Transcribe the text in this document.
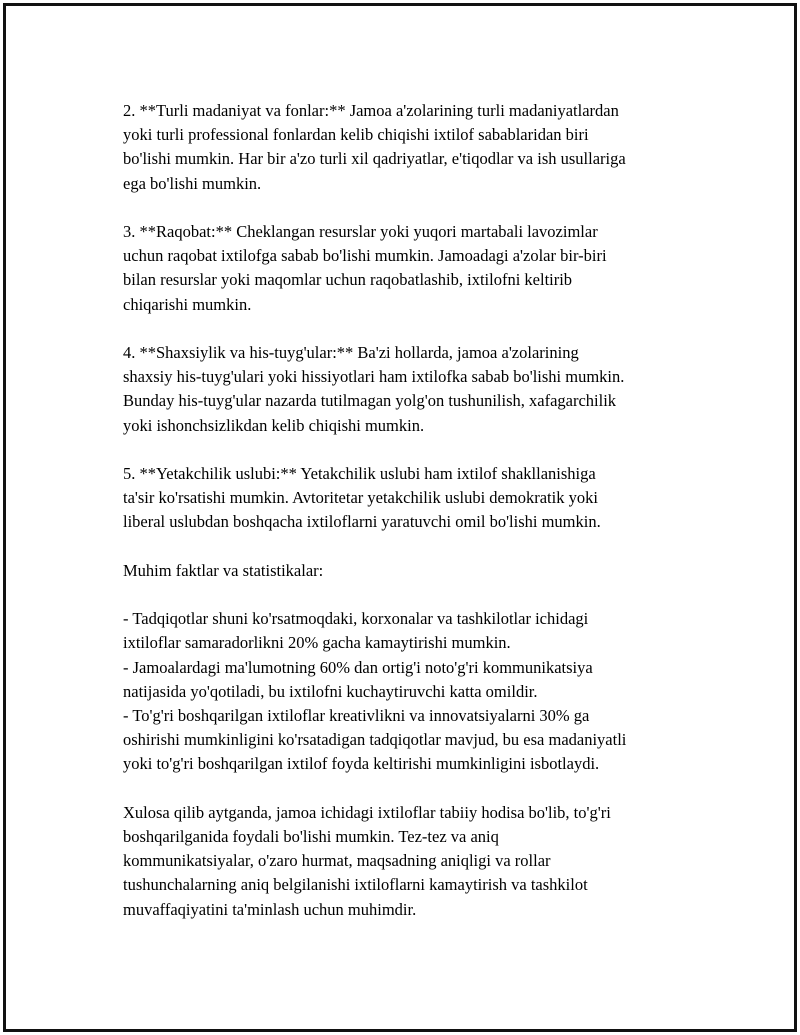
2. **Turli madaniyat va fonlar:** Jamoa a'zolarining turli madaniyatlardan
yoki turli professional fonlardan kelib chiqishi ixtilof sabablaridan biri
bo'lishi mumkin. Har bir a'zo turli xil qadriyatlar, e'tiqodlar va ish usullariga
ega bo'lishi mumkin.

3. **Raqobat:** Cheklangan resurslar yoki yuqori martabali lavozimlar
uchun raqobat ixtilofga sabab bo'lishi mumkin. Jamoadagi a'zolar bir-biri
bilan resurslar yoki maqomlar uchun raqobatlashib, ixtilofni keltirib
chiqarishi mumkin.

4. **Shaxsiylik va his-tuyg'ular:** Ba'zi hollarda, jamoa a'zolarining
shaxsiy his-tuyg'ulari yoki hissiyotlari ham ixtilofka sabab bo'lishi mumkin.
Bunday his-tuyg'ular nazarda tutilmagan yolg'on tushunilish, xafagarchilik
yoki ishonchsizlikdan kelib chiqishi mumkin.

5. **Yetakchilik uslubi:** Yetakchilik uslubi ham ixtilof shakllanishiga
ta'sir ko'rsatishi mumkin. Avtoritetar yetakchilik uslubi demokratik yoki
liberal uslubdan boshqacha ixtiloflarni yaratuvchi omil bo'lishi mumkin.

Muhim faktlar va statistikalar:

- Tadqiqotlar shuni ko'rsatmoqdaki, korxonalar va tashkilotlar ichidagi
ixtiloflar samaradorlikni 20% gacha kamaytirishi mumkin.
- Jamoalardagi ma'lumotning 60% dan ortig'i noto'g'ri kommunikatsiya
natijasida yo'qotiladi, bu ixtilofni kuchaytiruvchi katta omildir.
- To'g'ri boshqarilgan ixtiloflar kreativlikni va innovatsiyalarni 30% ga
oshirishi mumkinligini ko'rsatadigan tadqiqotlar mavjud, bu esa madaniyatli
yoki to'g'ri boshqarilgan ixtilof foyda keltirishi mumkinligini isbotlaydi.

Xulosa qilib aytganda, jamoa ichidagi ixtiloflar tabiiy hodisa bo'lib, to'g'ri
boshqarilganida foydali bo'lishi mumkin. Tez-tez va aniq
kommunikatsiyalar, o'zaro hurmat, maqsadning aniqligi va rollar
tushunchalarning aniq belgilanishi ixtiloflarni kamaytirish va tashkilot
muvaffaqiyatini ta'minlash uchun muhimdir.
